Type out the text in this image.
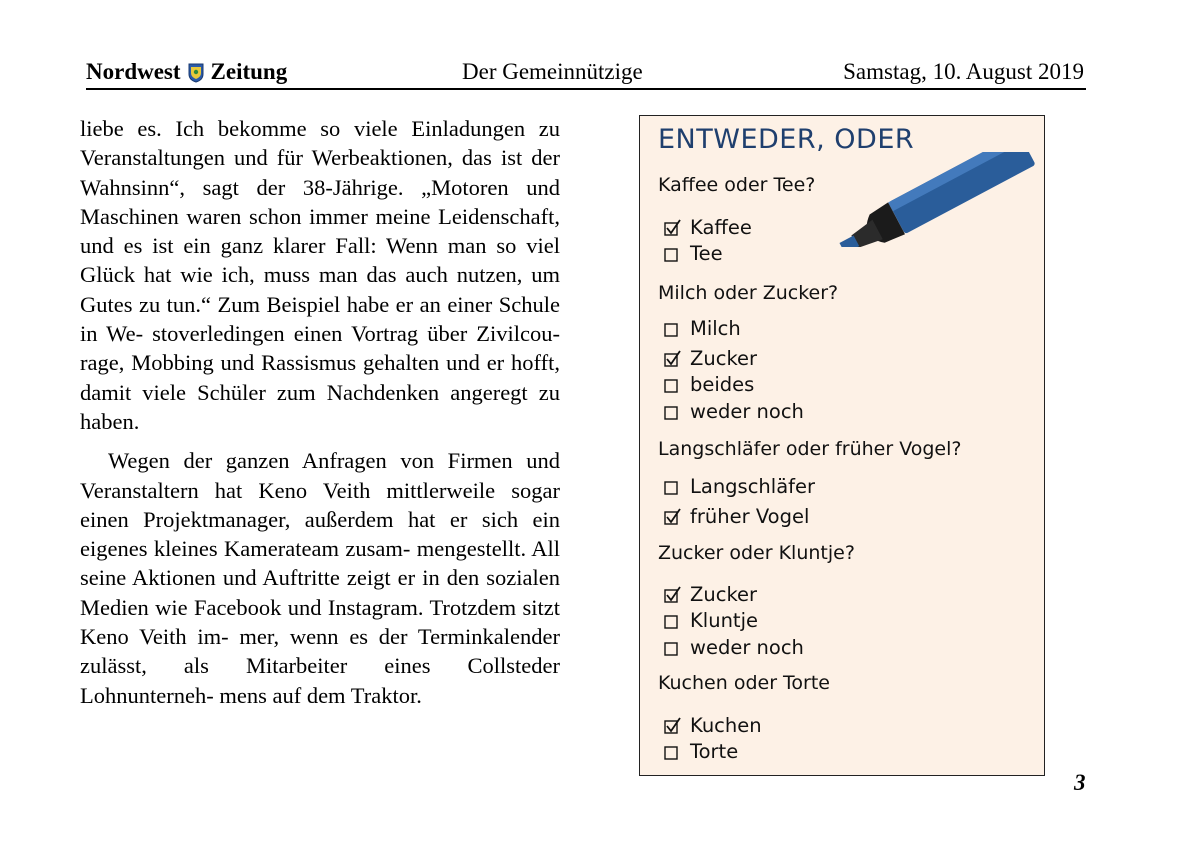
Nordwest Zeitung	Der Gemeinnützige	Samstag, 10. August 2019

liebe es. Ich bekomme so viele Einladungen zu Veranstaltungen und für Werbeaktionen, das ist der Wahnsinn“, sagt der 38-Jährige. „Motoren und Maschinen waren schon immer meine Leidenschaft, und es ist ein ganz klarer Fall: Wenn man so viel Glück hat wie ich, muss man das auch nutzen, um Gutes zu tun.“ Zum Beispiel habe er an einer Schule in We- stoverledingen einen Vortrag über Zivilcou- rage, Mobbing und Rassismus gehalten und er hofft, damit viele Schüler zum Nachdenken angeregt zu haben.

Wegen der ganzen Anfragen von Firmen und Veranstaltern hat Keno Veith mittlerweile sogar einen Projektmanager, außerdem hat er sich ein eigenes kleines Kamerateam zusam- mengestellt. All seine Aktionen und Auftritte zeigt er in den sozialen Medien wie Facebook und Instagram. Trotzdem sitzt Keno Veith im- mer, wenn es der Terminkalender zulässt, als Mitarbeiter eines Collsteder Lohnunterneh- mens auf dem Traktor.

ENTWEDER, ODER
Kaffee oder Tee?
Kaffee
Tee
Milch oder Zucker?
Milch
Zucker
beides
weder noch
Langschläfer oder früher Vogel?
Langschläfer
früher Vogel
Zucker oder Kluntje?
Zucker
Kluntje
weder noch
Kuchen oder Torte
Kuchen
Torte
3
